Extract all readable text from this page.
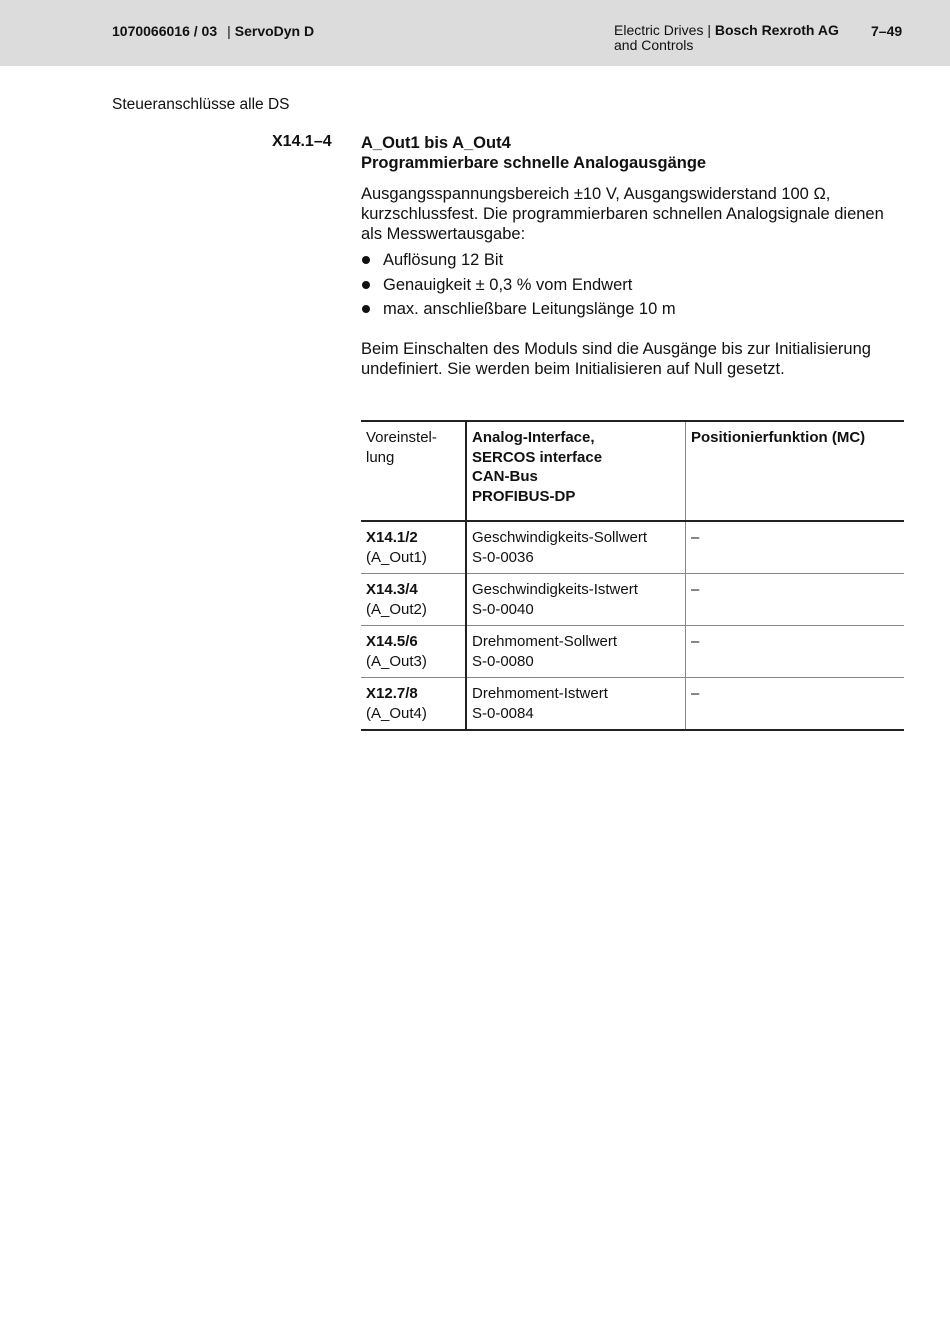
1070066016 / 03 | ServoDyn D	Electric Drives | Bosch Rexroth AG
and Controls
7–49
Steueranschlüsse alle DS
X14.1–4 A_Out1 bis A_Out4
Programmierbare schnelle Analogausgänge

Ausgangsspannungsbereich ±10 V, Ausgangswiderstand 100 Ω, kurzschlussfest. Die programmierbaren schnellen Analogsignale dienen als Messwertausgabe:

Auflösung 12 Bit
Genauigkeit ± 0,3 % vom Endwert
max. anschließbare Leitungslänge 10 m

Beim Einschalten des Moduls sind die Ausgänge bis zur Initialisierung undefiniert. Sie werden beim Initialisieren auf Null gesetzt.

Voreinstellung	Analog-Interface,
SERCOS interface
CAN-Bus
PROFIBUS-DP	Positionierfunktion (MC)

X14.1/2
(A_Out1)	Geschwindigkeits-Sollwert
S-0-0036	–

X14.3/4
(A_Out2)	Geschwindigkeits-Istwert
S-0-0040	–

X14.5/6
(A_Out3)	Drehmoment-Sollwert
S-0-0080	–

X12.7/8
(A_Out4)	Drehmoment-Istwert
S-0-0084	–
